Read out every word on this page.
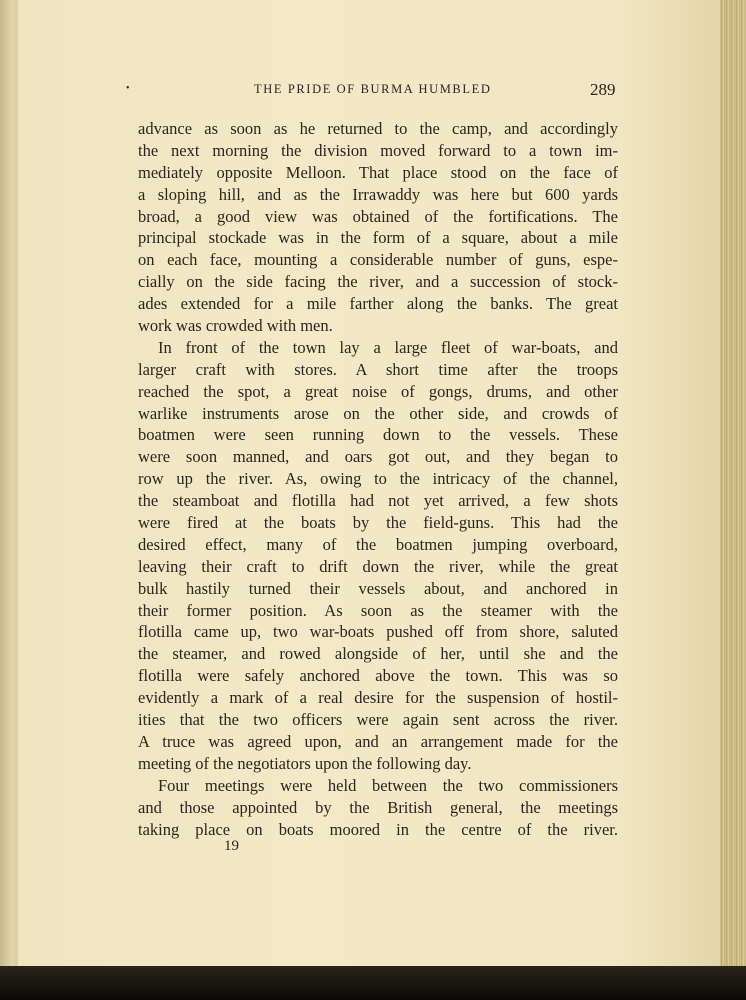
•	THE PRIDE OF BURMA HUMBLED	289
advance as soon as he returned to the camp, and accordingly
the next morning the division moved forward to a town im-
mediately opposite Melloon. That place stood on the face of
a sloping hill, and as the Irrawaddy was here but 600 yards
broad, a good view was obtained of the fortifications. The
principal stockade was in the form of a square, about a mile
on each face, mounting a considerable number of guns, espe-
cially on the side facing the river, and a succession of stock-
ades extended for a mile farther along the banks. The great
work was crowded with men.
In front of the town lay a large fleet of war-boats, and
larger craft with stores. A short time after the troops
reached the spot, a great noise of gongs, drums, and other
warlike instruments arose on the other side, and crowds of
boatmen were seen running down to the vessels. These
were soon manned, and oars got out, and they began to
row up the river. As, owing to the intricacy of the channel,
the steamboat and flotilla had not yet arrived, a few shots
were fired at the boats by the field-guns. This had the
desired effect, many of the boatmen jumping overboard,
leaving their craft to drift down the river, while the great
bulk hastily turned their vessels about, and anchored in
their former position. As soon as the steamer with the
flotilla came up, two war-boats pushed off from shore, saluted
the steamer, and rowed alongside of her, until she and the
flotilla were safely anchored above the town. This was so
evidently a mark of a real desire for the suspension of hostil-
ities that the two officers were again sent across the river.
A truce was agreed upon, and an arrangement made for the
meeting of the negotiators upon the following day.
Four meetings were held between the two commissioners
and those appointed by the British general, the meetings
taking place on boats moored in the centre of the river.
19
